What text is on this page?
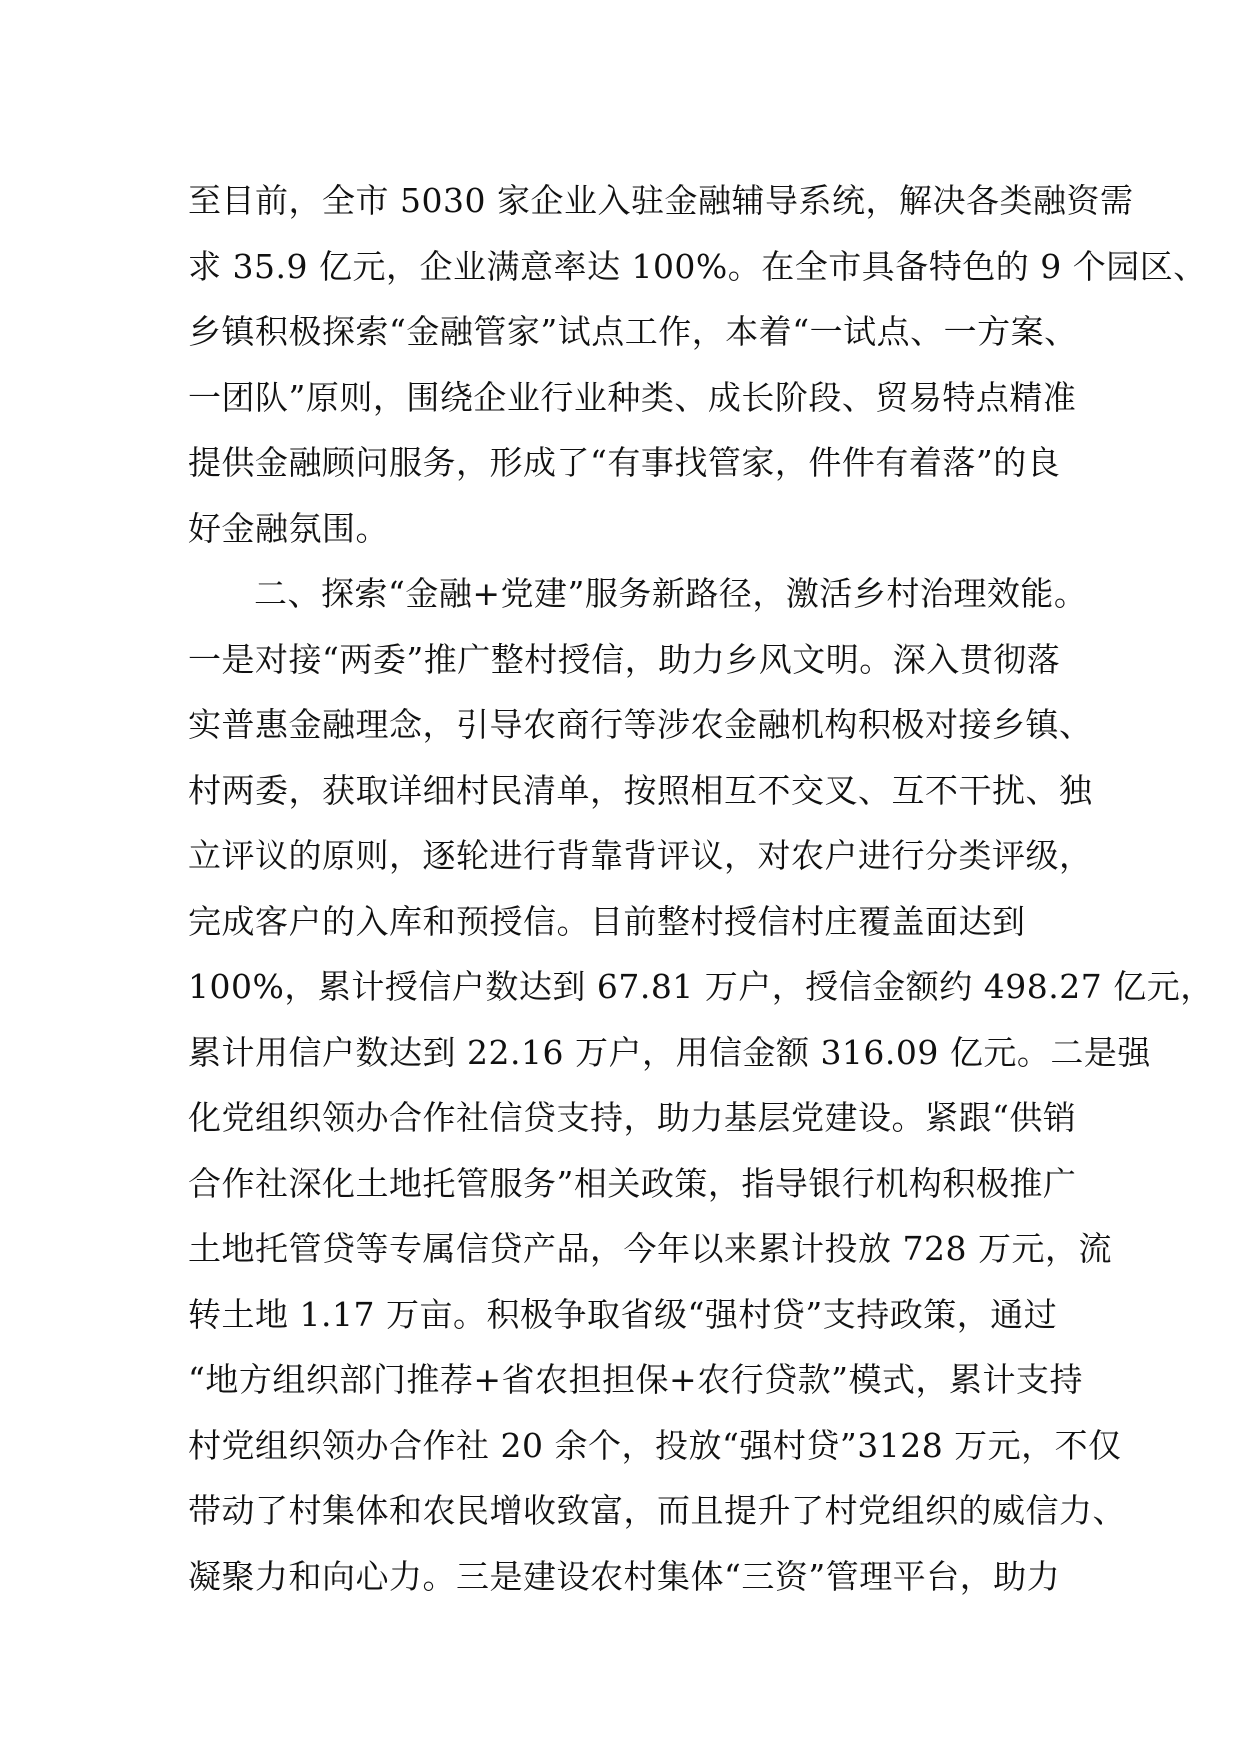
至目前，全市 5030 家企业入驻金融辅导系统，解决各类融资需
求 35.9 亿元，企业满意率达 100%。在全市具备特色的 9 个园区、
乡镇积极探索“金融管家”试点工作，本着“一试点、一方案、
一团队”原则，围绕企业行业种类、成长阶段、贸易特点精准
提供金融顾问服务，形成了“有事找管家，件件有着落”的良
好金融氛围。
二、探索“金融+党建”服务新路径，激活乡村治理效能。
一是对接“两委”推广整村授信，助力乡风文明。深入贯彻落
实普惠金融理念，引导农商行等涉农金融机构积极对接乡镇、
村两委，获取详细村民清单，按照相互不交叉、互不干扰、独
立评议的原则，逐轮进行背靠背评议，对农户进行分类评级，
完成客户的入库和预授信。目前整村授信村庄覆盖面达到
100%，累计授信户数达到 67.81 万户，授信金额约 498.27 亿元，
累计用信户数达到 22.16 万户，用信金额 316.09 亿元。二是强
化党组织领办合作社信贷支持，助力基层党建设。紧跟“供销
合作社深化土地托管服务”相关政策，指导银行机构积极推广
土地托管贷等专属信贷产品，今年以来累计投放 728 万元，流
转土地 1.17 万亩。积极争取省级“强村贷”支持政策，通过
“地方组织部门推荐+省农担担保+农行贷款”模式，累计支持
村党组织领办合作社 20 余个，投放“强村贷”3128 万元，不仅
带动了村集体和农民增收致富，而且提升了村党组织的威信力、
凝聚力和向心力。三是建设农村集体“三资”管理平台，助力
